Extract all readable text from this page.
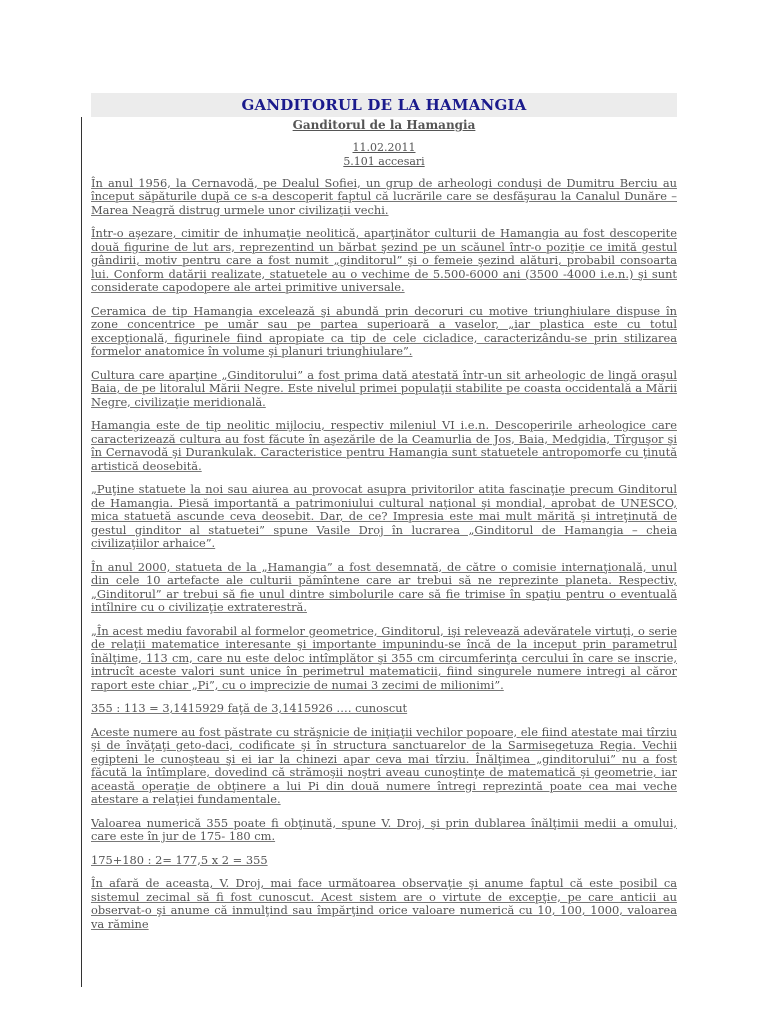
GANDITORUL DE LA HAMANGIA
Ganditorul de la Hamangia
11.02.2011
5.101 accesari

În anul 1956, la Cernavodă, pe Dealul Sofiei, un grup de arheologi conduşi de Dumitru Berciu au început săpăturile după ce s-a descoperit faptul că lucrările care se desfăşurau la Canalul Dunăre – Marea Neagră distrug urmele unor civilizaţii vechi.

Într-o aşezare, cimitir de inhumaţie neolitică, aparţinător culturii de Hamangia au fost descoperite două figurine de lut ars, reprezentind un bărbat şezind pe un scăunel într-o poziţie ce imită gestul gândirii, motiv pentru care a fost numit „ginditorul” şi o femeie şezind alături, probabil consoarta lui. Conform datării realizate, statuetele au o vechime de 5.500-6000 ani (3500 -4000 i.e.n.) şi sunt considerate capodopere ale artei primitive universale.

Ceramica de tip Hamangia excelează şi abundă prin decoruri cu motive triunghiulare dispuse în zone concentrice pe umăr sau pe partea superioară a vaselor, „iar plastica este cu totul excepţională, figurinele fiind apropiate ca tip de cele cicladice, caracterizându-se prin stilizarea formelor anatomice în volume şi planuri triunghiulare”.

Cultura care aparţine „Ginditorului” a fost prima dată atestată într-un sit arheologic de lingă oraşul Baia, de pe litoralul Mării Negre. Este nivelul primei populaţii stabilite pe coasta occidentală a Mării Negre, civilizaţie meridională.

Hamangia este de tip neolitic mijlociu, respectiv mileniul VI i.e.n. Descoperirile arheologice care caracterizează cultura au fost făcute în aşezările de la Ceamurlia de Jos, Baia, Medgidia, Tîrguşor şi în Cernavodă şi Durankulak. Caracteristice pentru Hamangia sunt statuetele antropomorfe cu ţinută artistică deosebită.

„Puţine statuete la noi sau aiurea au provocat asupra privitorilor atita fascinaţie precum Ginditorul de Hamangia. Piesă importantă a patrimoniului cultural naţional şi mondial, aprobat de UNESCO, mica statuetă ascunde ceva deosebit. Dar, de ce? Impresia este mai mult mărită şi intreţinută de gestul ginditor al statuetei” spune Vasile Droj în lucrarea „Ginditorul de Hamangia – cheia civilizaţiilor arhaice”.

În anul 2000, statueta de la „Hamangia” a fost desemnată, de către o comisie internaţională, unul din cele 10 artefacte ale culturii pămîntene care ar trebui să ne reprezinte planeta. Respectiv, „Ginditorul” ar trebui să fie unul dintre simbolurile care să fie trimise în spaţiu pentru o eventuală intîlnire cu o civilizaţie extraterestră.

„În acest mediu favorabil al formelor geometrice, Ginditorul, işi relevează adevăratele virtuţi, o serie de relaţii matematice interesante şi importante impunindu-se încă de la inceput prin parametrul înălţime, 113 cm, care nu este deloc intîmplător şi 355 cm circumferinţa cercului în care se inscrie, intrucît aceste valori sunt unice în perimetrul matematicii, fiind singurele numere intregi al căror raport este chiar „Pi”, cu o imprecizie de numai 3 zecimi de milionimi”.

355 : 113 = 3,1415929 faţă de 3,1415926 …. cunoscut

Aceste numere au fost păstrate cu străşnicie de iniţiaţii vechilor popoare, ele fiind atestate mai tîrziu şi de învăţaţi geto-daci, codificate şi în structura sanctuarelor de la Sarmisegetuza Regia. Vechii egipteni le cunoşteau şi ei iar la chinezi apar ceva mai tîrziu. Înălţimea „ginditorului” nu a fost făcută la întîmplare, dovedind că strămoşii noştri aveau cunoştinţe de matematică şi geometrie, iar această operaţie de obţinere a lui Pi din două numere întregi reprezintă poate cea mai veche atestare a relaţiei fundamentale.

Valoarea numerică 355 poate fi obţinută, spune V. Droj, şi prin dublarea înălţimii medii a omului, care este în jur de 175- 180 cm.

175+180 : 2= 177,5 x 2 = 355

În afară de aceasta, V. Droj, mai face următoarea observaţie şi anume faptul că este posibil ca sistemul zecimal să fi fost cunoscut. Acest sistem are o virtute de excepţie, pe care anticii au observat-o şi anume că inmulţind sau împărţind orice valoare numerică cu 10, 100, 1000, valoarea va rămine
